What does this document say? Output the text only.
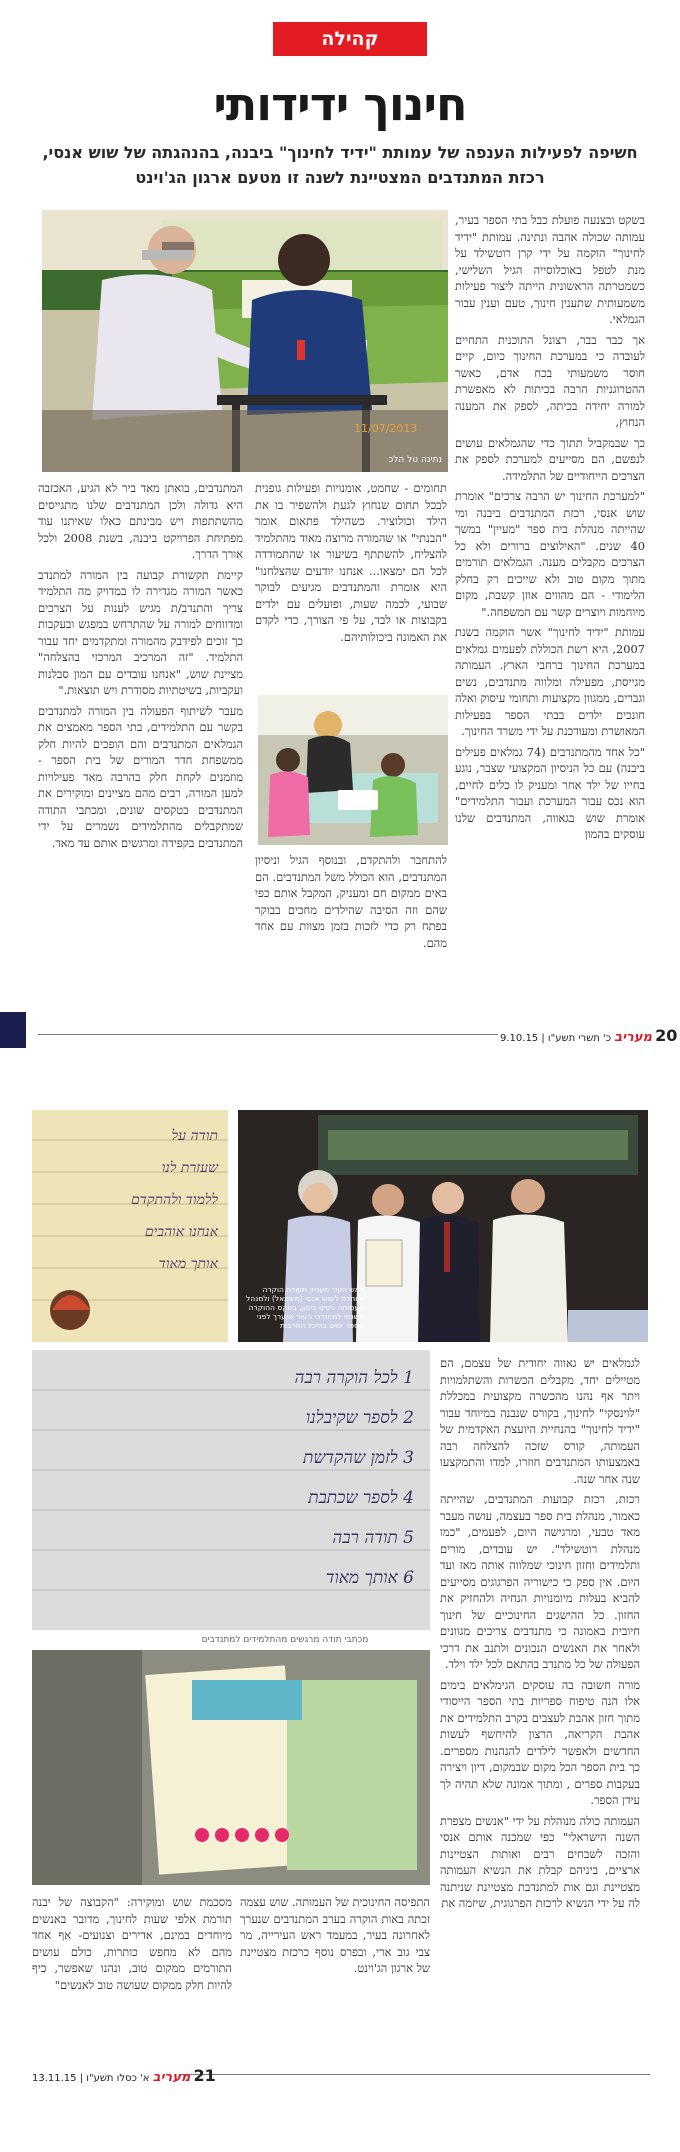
קהילה
חינוך ידידותי
חשיפה לפעילות הענפה של עמותת "ידיד לחינוך" ביבנה, בהנהגתה של שוש אנסי, רכזת המתנדבים המצטיינת לשנה זו מטעם ארגון הג'וינט
11/07/2013
נתינה טל הלכ

בשקט ובצנעה פועלת כבל בתי הספר בעיר, עמותה שכולה אהבה ונתינה. עמותת "ידיד לחינוך" הוקמה על ידי קרן רוטשילד על מנת לטפל באוכלוסייה הגיל השלישי, כשמטרתה הראשונית הייתה ליצור פעילות משמעותית שתענין חינוך, טעם וענין עבור הגמלאי.

אך כבר בבר, רצונל התוכנית התחיים לעובדה כי במערכת החינוך כיום, קיים חוסר משמעותי בכח אדם, כאשר ההטרוגניות הרבה בכיתות לא מאפשרת למורה יחידה בכיתה, לספק את המענה הנחוץ,

כך שבמקביל תתוך כדי שהגמלאים עושים לנפשם, הם מסייעים למערכת לספק את הצרכים הייחודיים של התלמידה.

"למערכת החינוך יש הרבה צרכים" אומרת שוש אנסי, רכזת המתנדבים ביבנה ומי שהייתה מנהלת בית ספר "מעיין" במשך 40 שנים. "האילוצים ברורים ולא כל הצרכים מקבלים מענה. הגמלאים תורמים מתוך מקום טוב ולא שייכים רק בחלק הלימודי - הם מהווים אוזן קשבת, מקום מיוחמות ויוצרים קשר עם המשפחה."

עמותת "ידיד לחינוך" אשר הוקמה בשנת 2007, היא רשת הכוללת לפעמים גמלאים במערכת החינוך ברחבי הארץ. העמותה מגייסת, מפעילה ומלווה מתנדבים, נשים וגברים, ממגוון מקצועות ותחומי עיסוק ואלה חונכים ילדים בבתי הספר בפעילות המאושרת ומעודכנת על ידי משרד החינוך.

"כל אחד מהמתנדבים (74 גמלאים פעילים ביבנה) עם כל הניסיון המקצועי שצבר, נוגע בחייו של ילד אחר ומעניק לו כלים לחיים, הוא נכס עבור המערכת ועבור התלמידים" אומרת שוש בגאווה, המתנדבים שלנו עוסקים בהמון

תחומים - שחמט, אומנויות ופעילות גופנית לבכל תחום שנחוץ לגעת ולהשפיר בו את הילד וכולוציר. כשהילד פתאום אומר "הבנתי" או שהמורה מרוצה מאוד מהתלמיד להצליח, להשתתף בשיעור או שהתמודדה לכל הם ימצאו... אנחנו יודעים שהצלחנו" היא אומרת והמתנדבים מגיעים לבוקר שבועי, לכמה שעות, ופועלים עם ילדים בקבוצות או לבד, על פי הצורך, כדי לקדם את האמונה ביכולותיהם.

להתחבר ולהתקדם, ובנוסף הגיל וניסיון המתנדבים, הוא הכולל משל המתנדבים. הם באים ממקום חם ומעניק, המקבל אותם כפי שהם וזה הסיבה שהילדים מחכים בבוקר בפתח רק כדי לזכות בזמן מצוות עם אחד מהם.

המתנדבים, בואתן מאד ביר לא הגיע, האכזבה היא גדולה ולכן המתנדבים שלנו מתגייסים מהשתתפות ויש מבינתם כאלו שאיתנו עוד מפתיחת הפרויקט ביבנה, בשנת 2008 ולכל אורך הדרך.

קיימת תקשורת קבועה בין המורה למתנדב כאשר המורה מגדירה לו במדויק מה התלמיד צריך והתנדב/ת מגיש לענות על הצרכים ומדווחים למורה על שהתרחש במפגש ובעקבות כך זוכים לפידבק מהמורה ומתקדמים יחד עבור התלמיד. "זה המרכיב המרכזי בהצלחה" מציינת שוש, "אנחנו עובדים עם המון סבלנות ועקביות, בשיטתיות מסודרת ויש תוצאות."

מעבר לשיתוף הפעולה בין המורה למתנדבים בקשר עם התלמידים, בתי הספר מאמצים את הגמלאים המתנדבים והם הופכים להיות חלק ממשפחת חדר המורים של בית הספר - מוזמנים לקחת חלק בהרבה מאד פעילויות למען המורה, רבים מהם מציינים ומוקירים את המתנדבים בטקסים שונים, ומכתבי התודה שמתקבלים מהתלמידים נשמרים על ידי המתנדבים בקפידה ומרגשים אותם עד מאד.

20 מעריב כ' תשרי תשע"ו | 9.10.15
תודה על
שעזרת לנו
ללמוד ולהתקדם
אנחנו אוהבים
אותך מאוד
ראש העיר מעניק תעודת הוקרה מיוחדת לשוש אנסי (משמאל) ולמנהל העמותה ניסים ביטון, בטקס ההוקרה השנתי למתנדבי העיר שנערך לפני מספר ימים בהיכל התרבות
1 לכל הוקרה רבה
2 לספר שקיבלנו
3 לזמן שהקדשת
4 לספר שכתבת
5 תודה רבה
6 אותך מאוד
מכתבי תודה מרגשים מהתלמידים למתנדבים

לגמלאים יש גאווה יחודית של עצמם, הם מטיילים יחד, מקבלים הכשרות והשתלמויות ויתר אף נהנו מהכשרה מקצועית במכללת "לוינסקי" לחינוך, בקורס שנבנה במיוחד עבור "ידיד לחינוך" בהנחיית היועצת האקדמית של העמותה, קורס שזכה להצלחה רבה באמצעותו המתנדבים חוזרו, למדו והתמקצעו שנה אחר שנה.

רכזת, רכזת קבועות המתנדבים, שהייתה כאמור, מנהלת בית ספר בעצמה, עושה מעבר מאד טבעי, ומרגישה היום, לפעמים, "כמו מנהלת רוטשילד". יש עובדים, מורים ותלמידים וחזון חינוכי שמלווה אותה מאז ועד היום. אין ספק כי כישוריה הפרגוגים מסייעים להביא בעלות מיומנויות הנחיה ולהחזיק את החזון. כל ההישגים החינוכיים של חינוך חיובית באמונה כי מתנדבים צריכים מגוונים ולאחר את האנשים הנכונים ולתנב את דרכי הפעולה של כל מתנדב בהתאם לכל ילד וילד.

מורה חשובה בה עוסקים הגימלאים בימים אלו הנה טיפוח ספריות בתי הספר הייסודי מתוך חזון אהבת לעצבים בקרב התלמידים את אהבת הקריאה, הרצון להיחשף לעשות החדשים ולאפשר לילדים להנהנות מספרים. כך בית הספר הכל מקום שבמקום, דיון ויצירה בעקבות ספרים , ומתוך אמונה שלא תהיה לך עידן הספר.

העמותה כולה מנוהלת על ידי "אנשים מצפרת השנה הישראלי" כפי שמכנה אותם אנסי והזכה לשבחים רבים ואותות הצטיינות ארציים, ביניהם קבלת את הנשיא העמותה מצטיינת וגם אות למתנדבת מצטיינת שניתנה לה על ידי הנשיא לרכזת הפרגוגית, שיזמה את

התפיסה החינוכית של העמותה. שוש עצמה זכתה באות הוקרה בערב המתנדבים שנערך לאחרונה בעיר, במעמד ראש העירייה, מר צבי גוב ארי, ובפרס נוסף כרכזת מצטיינת של ארגון הג'וינט.

מסכמת שוש ומוקירה: "הקבוצה של יבנה תורמת אלפי שעות לחינוך, מדובר באנשים מיוחדים במינם, אדירים וצנועים- אף אחד מהם לא מחפש כותרות, כולם עושים התורמים ממקום טוב, ונהנו שאפשר, כיף להיות חלק ממקום שעושה טוב לאנשים"

21 מעריב א' כסלו תשע"ו | 13.11.15
